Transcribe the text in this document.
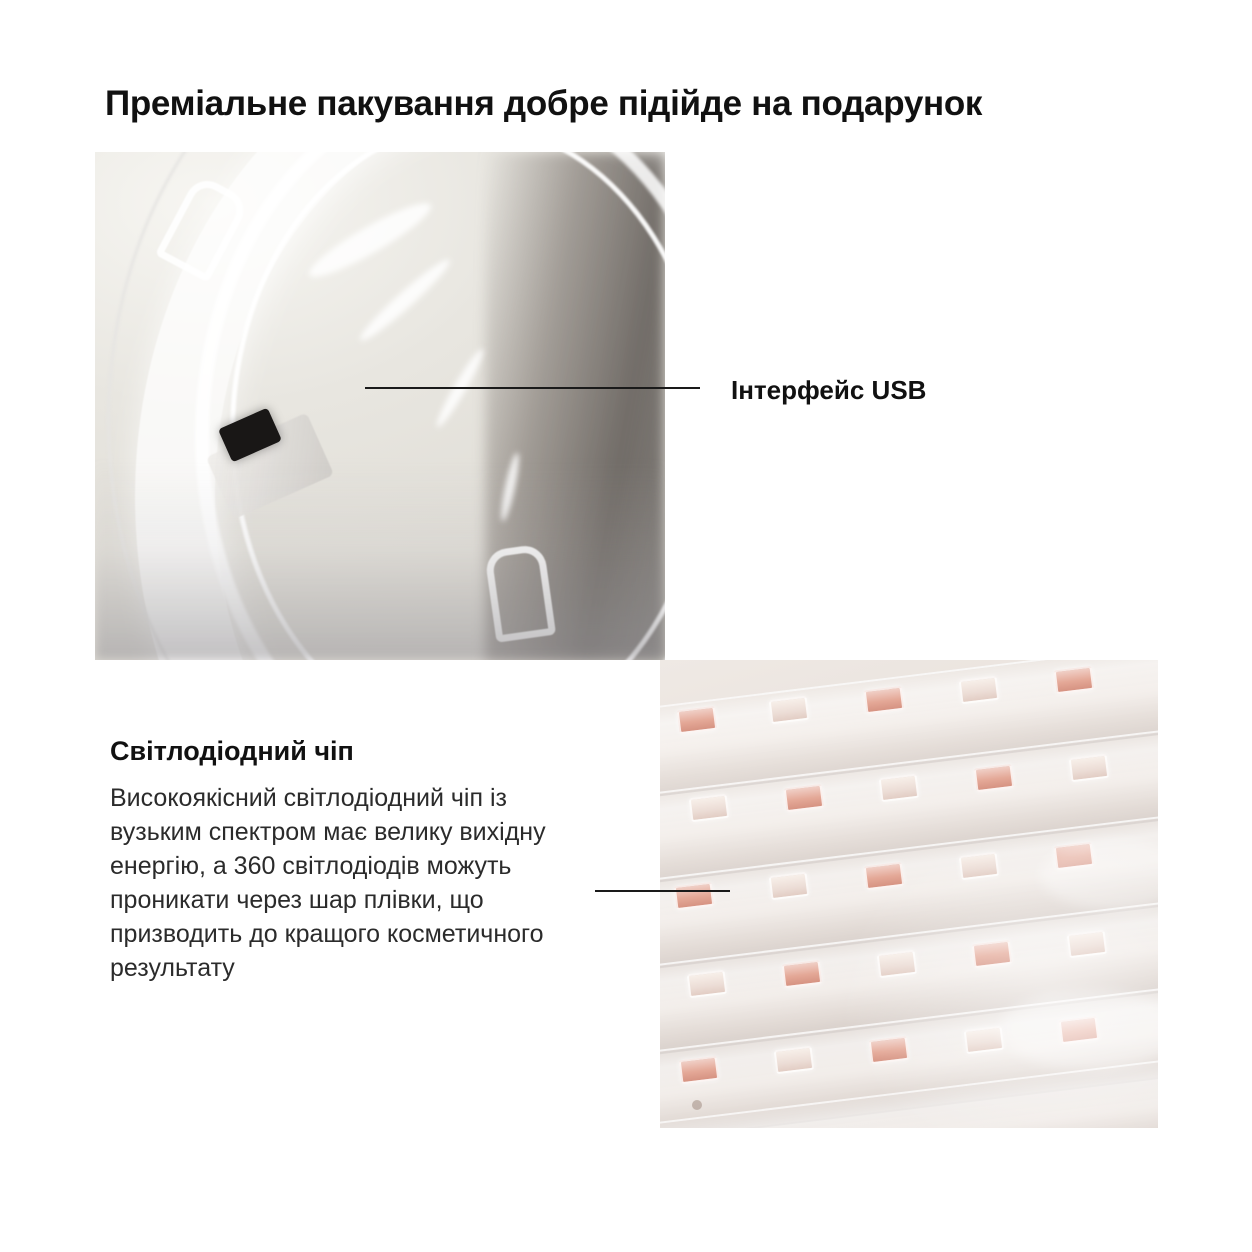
Преміальне пакування добре підійде на подарунок
Інтерфейс USB
Світлодіодний чіп

Високоякісний світлодіодний чіп із вузьким спектром має велику вихідну енергію, а 360 світлодіодів можуть проникати через шар плівки, що призводить до кращого косметичного результату
